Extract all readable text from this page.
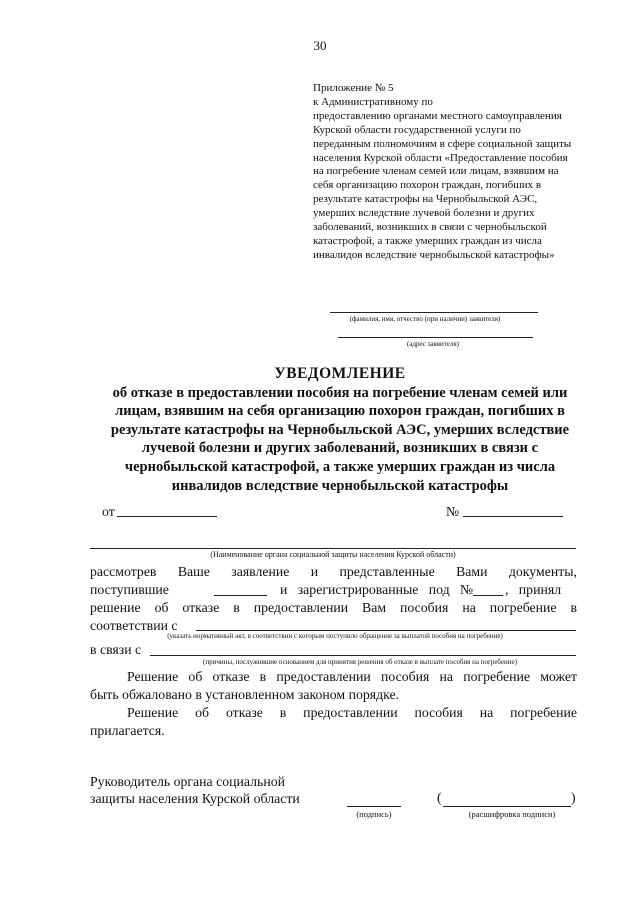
30
Приложение № 5
к Административному по
предоставлению органами местного самоуправления
Курской области государственной услуги по
переданным полномочиям в сфере социальной защиты
населения Курской области «Предоставление пособия
на погребение членам семей или лицам, взявшим на
себя организацию похорон граждан, погибших в
результате катастрофы на Чернобыльской АЭС,
умерших вследствие лучевой болезни и других
заболеваний, возникших в связи с чернобыльской
катастрофой, а также умерших граждан из числа
инвалидов вследствие чернобыльской катастрофы»
(фамилия, имя, отчество (при наличии) заявителя)
(адрес заявителя)
УВЕДОМЛЕНИЕ
об отказе в предоставлении пособия на погребение членам семей или
лицам, взявшим на себя организацию похорон граждан, погибших в
результате катастрофы на Чернобыльской АЭС, умерших вследствие
лучевой болезни и других заболеваний, возникших в связи с
чернобыльской катастрофой, а также умерших граждан из числа
инвалидов вследствие чернобыльской катастрофы
от	№
(Наименование органа социальной защиты населения Курской области)
рассмотрев Ваше заявление и представленные Вами документы,
поступившие	и   зарегистрированные   под   № ,   принял
решение об отказе в предоставлении Вам пособия на погребение в
соответствии с
(указать нормативный акт, в соответствии с которым поступило обращение за выплатой пособия на погребение)
в связи с
(причины, послужившие основанием для принятия решения об отказе в выплате пособия на погребение)
Решение об отказе в предоставлении пособия на погребение может
быть обжаловано в установленном законом порядке.
Решение об отказе в предоставлении пособия на погребение
прилагается.
Руководитель органа социальной
защиты населения Курской области
(подпись)
(	)
(расшифровка подписи)
